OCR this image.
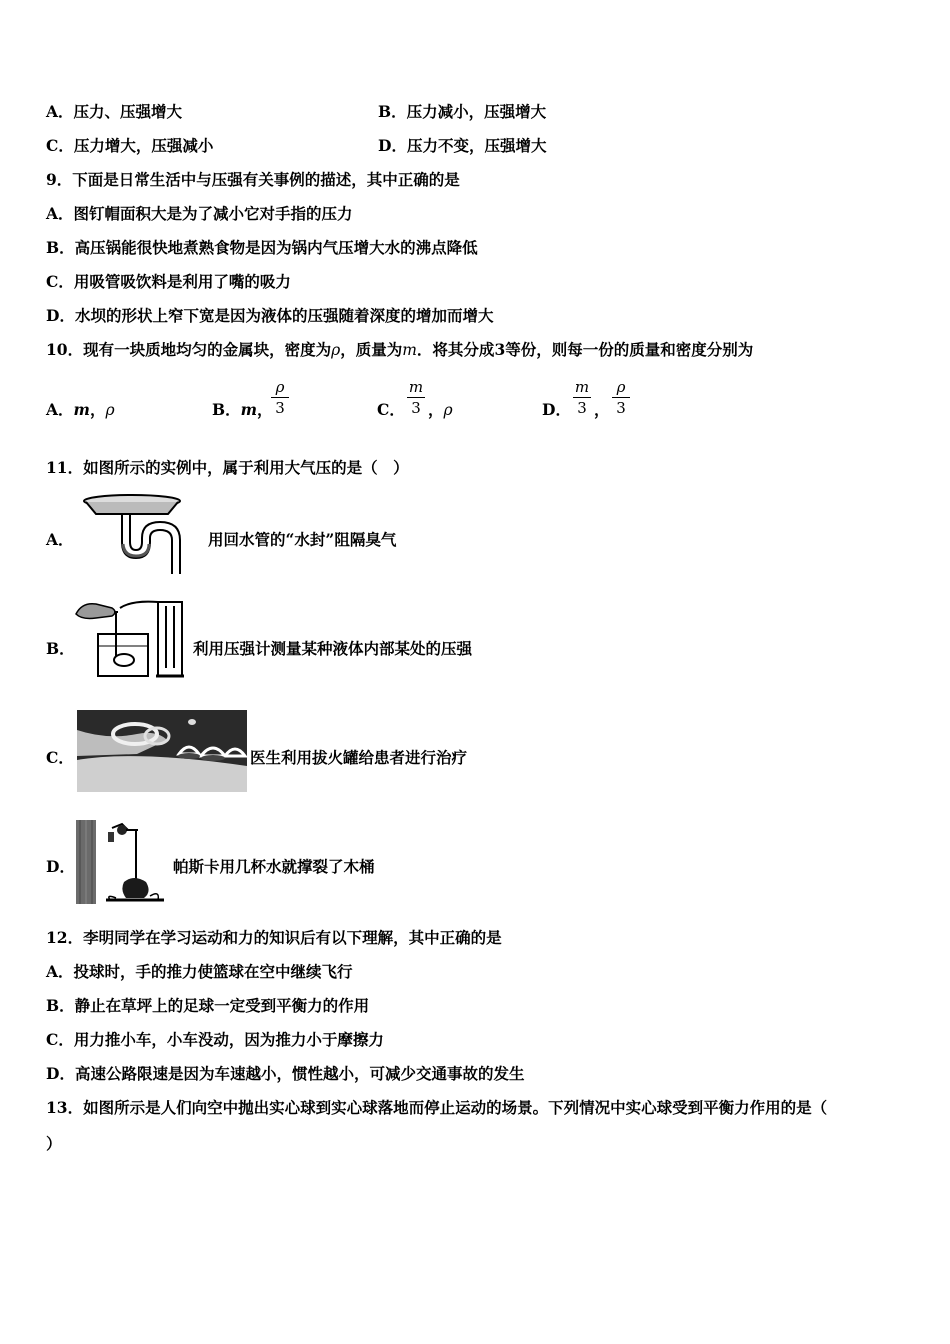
A．压力、压强增大	B．压力减小，压强增大
C．压力增大，压强减小	D．压力不变，压强增大
9．下面是日常生活中与压强有关事例的描述，其中正确的是
A．图钉帽面积大是为了减小它对手指的压力
B．高压锅能很快地煮熟食物是因为锅内气压增大水的沸点降低
C．用吸管吸饮料是利用了嘴的吸力
D．水坝的形状上窄下宽是因为液体的压强随着深度的增加而增大
10．现有一块质地均匀的金属块，密度为ρ，质量为m．将其分成3等份，则每一份的质量和密度分别为
A．m，ρ	B．m，
ρ
3	C．
m
3 ，ρ	D．
m
3 ，
ρ
3
11．如图所示的实例中，属于利用大气压的是（　）
A．	用回水管的“水封”阻隔臭气
B．	利用压强计测量某种液体内部某处的压强
C．	医生利用拔火罐给患者进行治疗
D．	帕斯卡用几杯水就撑裂了木桶
12．李明同学在学习运动和力的知识后有以下理解，其中正确的是
A．投球时，手的推力使篮球在空中继续飞行
B．静止在草坪上的足球一定受到平衡力的作用
C．用力推小车，小车没动，因为推力小于摩擦力
D．高速公路限速是因为车速越小，惯性越小，可减少交通事故的发生
13．如图所示是人们向空中抛出实心球到实心球落地而停止运动的场景。下列情况中实心球受到平衡力作用的是（
）
